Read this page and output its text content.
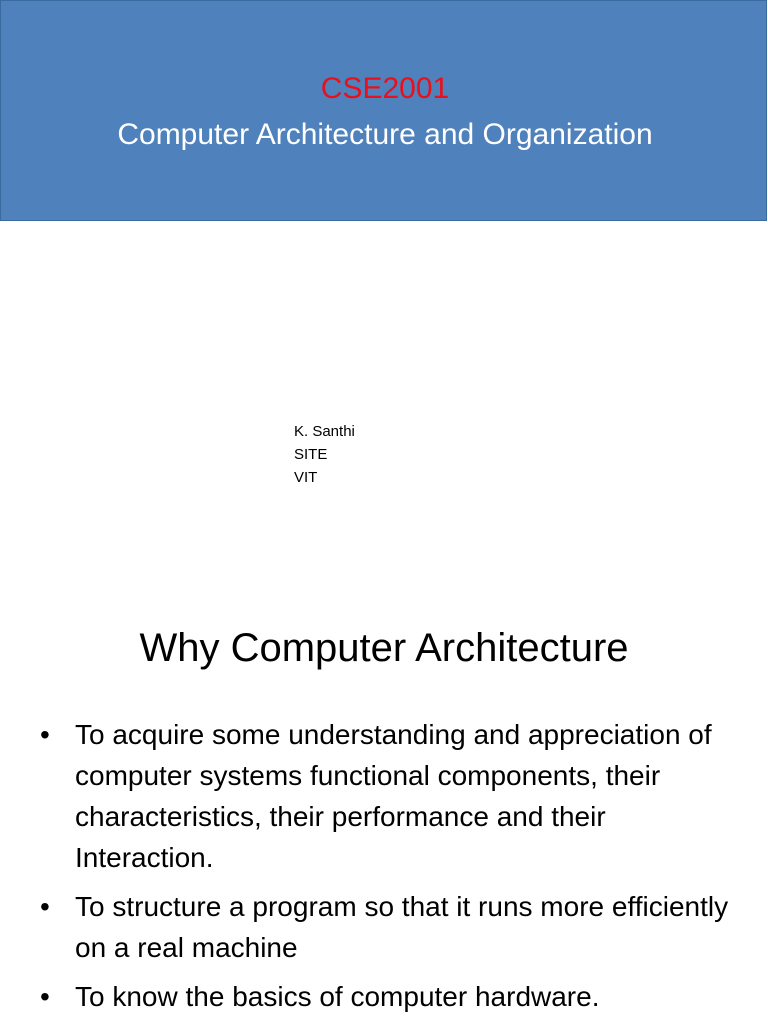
CSE2001
Computer Architecture and Organization
K. Santhi
SITE
VIT
Why Computer Architecture
• To acquire some understanding and appreciation of computer systems functional components, their characteristics, their performance and their Interaction.
• To structure a program so that it runs more efficiently on a real machine
• To know the basics of computer hardware.
